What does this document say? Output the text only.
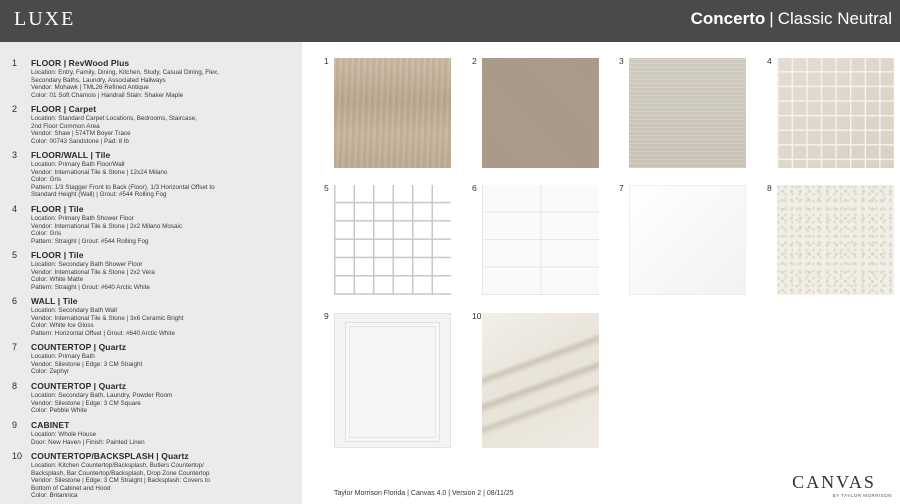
LUXE	Concerto | Classic Neutral
1 FLOOR | RevWood Plus
Location: Entry, Family, Dining, Kitchen, Study, Casual Dining, Flex,
Secondary Baths, Laundry, Associated Hallways
Vendor: Mohawk | TML26 Refined Antique
Color: 01 Soft Chamois | Handrail Stain: Shaker Maple
2 FLOOR | Carpet
Location: Standard Carpet Locations, Bedrooms, Staircase,
2nd Floor Common Area
Vendor: Shaw | 574TM Boyer Trace
Color: 00743 Sandstone | Pad: 8 lb
3 FLOOR/WALL | Tile
Location: Primary Bath Floor/Wall
Vendor: International Tile & Stone | 12x24 Milano
Color: Gris
Pattern: 1/3 Stagger Front to Back (Floor), 1/3 Horizontal Offset to
Standard Height (Wall) | Grout: #544 Rolling Fog
4 FLOOR | Tile
Location: Primary Bath Shower Floor
Vendor: International Tile & Stone | 2x2 Milano Mosaic
Color: Gris
Pattern: Straight | Grout: #544 Rolling Fog
5 FLOOR | Tile
Location: Secondary Bath Shower Floor
Vendor: International Tile & Stone | 2x2 Vera
Color: White Matte
Pattern: Straight | Grout: #640 Arctic White
6 WALL | Tile
Location: Secondary Bath Wall
Vendor: International Tile & Stone | 3x6 Ceramic Bright
Color: White Ice Gloss
Pattern: Horizontal Offset | Grout: #640 Arctic White
7 COUNTERTOP | Quartz
Location: Primary Bath
Vendor: Silestone | Edge: 3 CM Straight
Color: Zephyr
8 COUNTERTOP | Quartz
Location: Secondary Bath, Laundry, Powder Room
Vendor: Silestone | Edge: 3 CM Square
Color: Pebble White
9 CABINET
Location: Whole House
Door: New Haven | Finish: Painted Linen
10 COUNTERTOP/BACKSPLASH | Quartz
Location: Kitchen Countertop/Backsplash, Butlers Countertop/
Backsplash, Bar Countertop/Backsplash, Drop Zone Countertop
Vendor: Silestone | Edge: 3 CM Straight | Backsplash: Covers to
Bottom of Cabinet and Hood
Color: Britannica
1	2	3	4
5	6	7	8
9	10
Taylor Morrison Florida | Canvas 4.0 | Version 2 | 08/11/25
CANVAS
BY TAYLOR MORRISON
